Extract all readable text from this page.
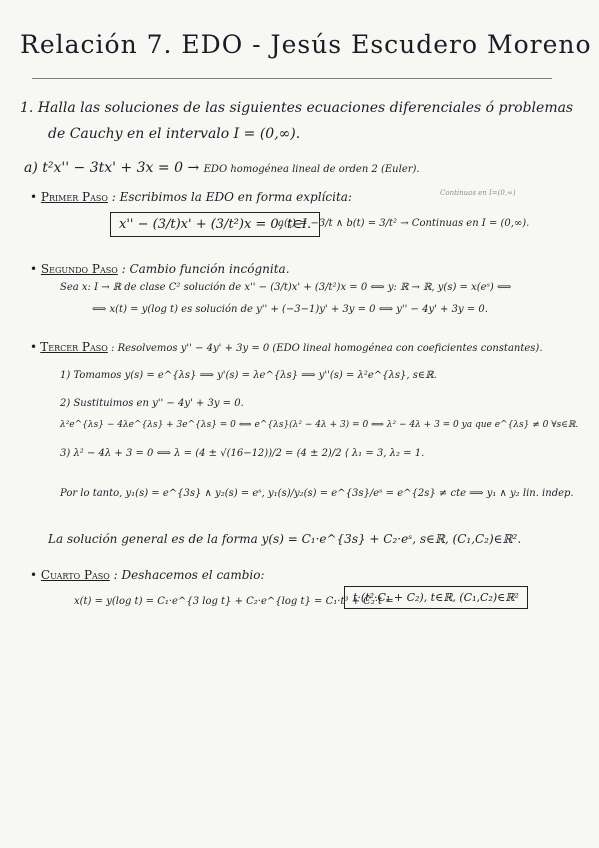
Relación 7. EDO - Jesús Escudero Moreno
1. Halla las soluciones de las siguientes ecuaciones diferenciales ó problemas
de Cauchy en el intervalo I = (0,∞).
a) t²x'' − 3tx' + 3x = 0 → EDO homogénea lineal de orden 2 (Euler).
• Primer Paso : Escribimos la EDO en forma explícita:
x'' − (3/t)x' + (3/t²)x = 0, t∈I.
Continuas en I=(0,∞)
a(t) = −3/t ∧ b(t) = 3/t² → Continuas en I = (0,∞).
• Segundo Paso : Cambio función incógnita.
Sea x: I → ℝ de clase C² solución de x'' − (3/t)x' + (3/t²)x = 0 ⟺ y: ℝ → ℝ, y(s) = x(eˢ) ⟺
⟺ x(t) = y(log t) es solución de y'' + (−3−1)y' + 3y = 0 ⟺ y'' − 4y' + 3y = 0.
• Tercer Paso : Resolvemos y'' − 4y' + 3y = 0 (EDO lineal homogénea con coeficientes constantes).
1) Tomamos y(s) = e^{λs} ⟹ y'(s) = λe^{λs} ⟹ y''(s) = λ²e^{λs}, s∈ℝ.
2) Sustituimos en y'' − 4y' + 3y = 0.
λ²e^{λs} − 4λe^{λs} + 3e^{λs} = 0 ⟺ e^{λs}(λ² − 4λ + 3) = 0 ⟺ λ² − 4λ + 3 = 0 ya que e^{λs} ≠ 0 ∀s∈ℝ.
3) λ² − 4λ + 3 = 0 ⟺ λ = (4 ± √(16−12))/2 = (4 ± 2)/2 ⟨ λ₁ = 3, λ₂ = 1.
Por lo tanto, y₁(s) = e^{3s} ∧ y₂(s) = eˢ, y₁(s)/y₂(s) = e^{3s}/eˢ = e^{2s} ≠ cte ⟹ y₁ ∧ y₂ lin. indep.
La solución general es de la forma y(s) = C₁·e^{3s} + C₂·eˢ, s∈ℝ, (C₁,C₂)∈ℝ².
• Cuarto Paso : Deshacemos el cambio:
x(t) = y(log t) = C₁·e^{3 log t} + C₂·e^{log t} = C₁·t³ + C₂·t =
t·(t²·C₁ + C₂), t∈ℝ, (C₁,C₂)∈ℝ²
